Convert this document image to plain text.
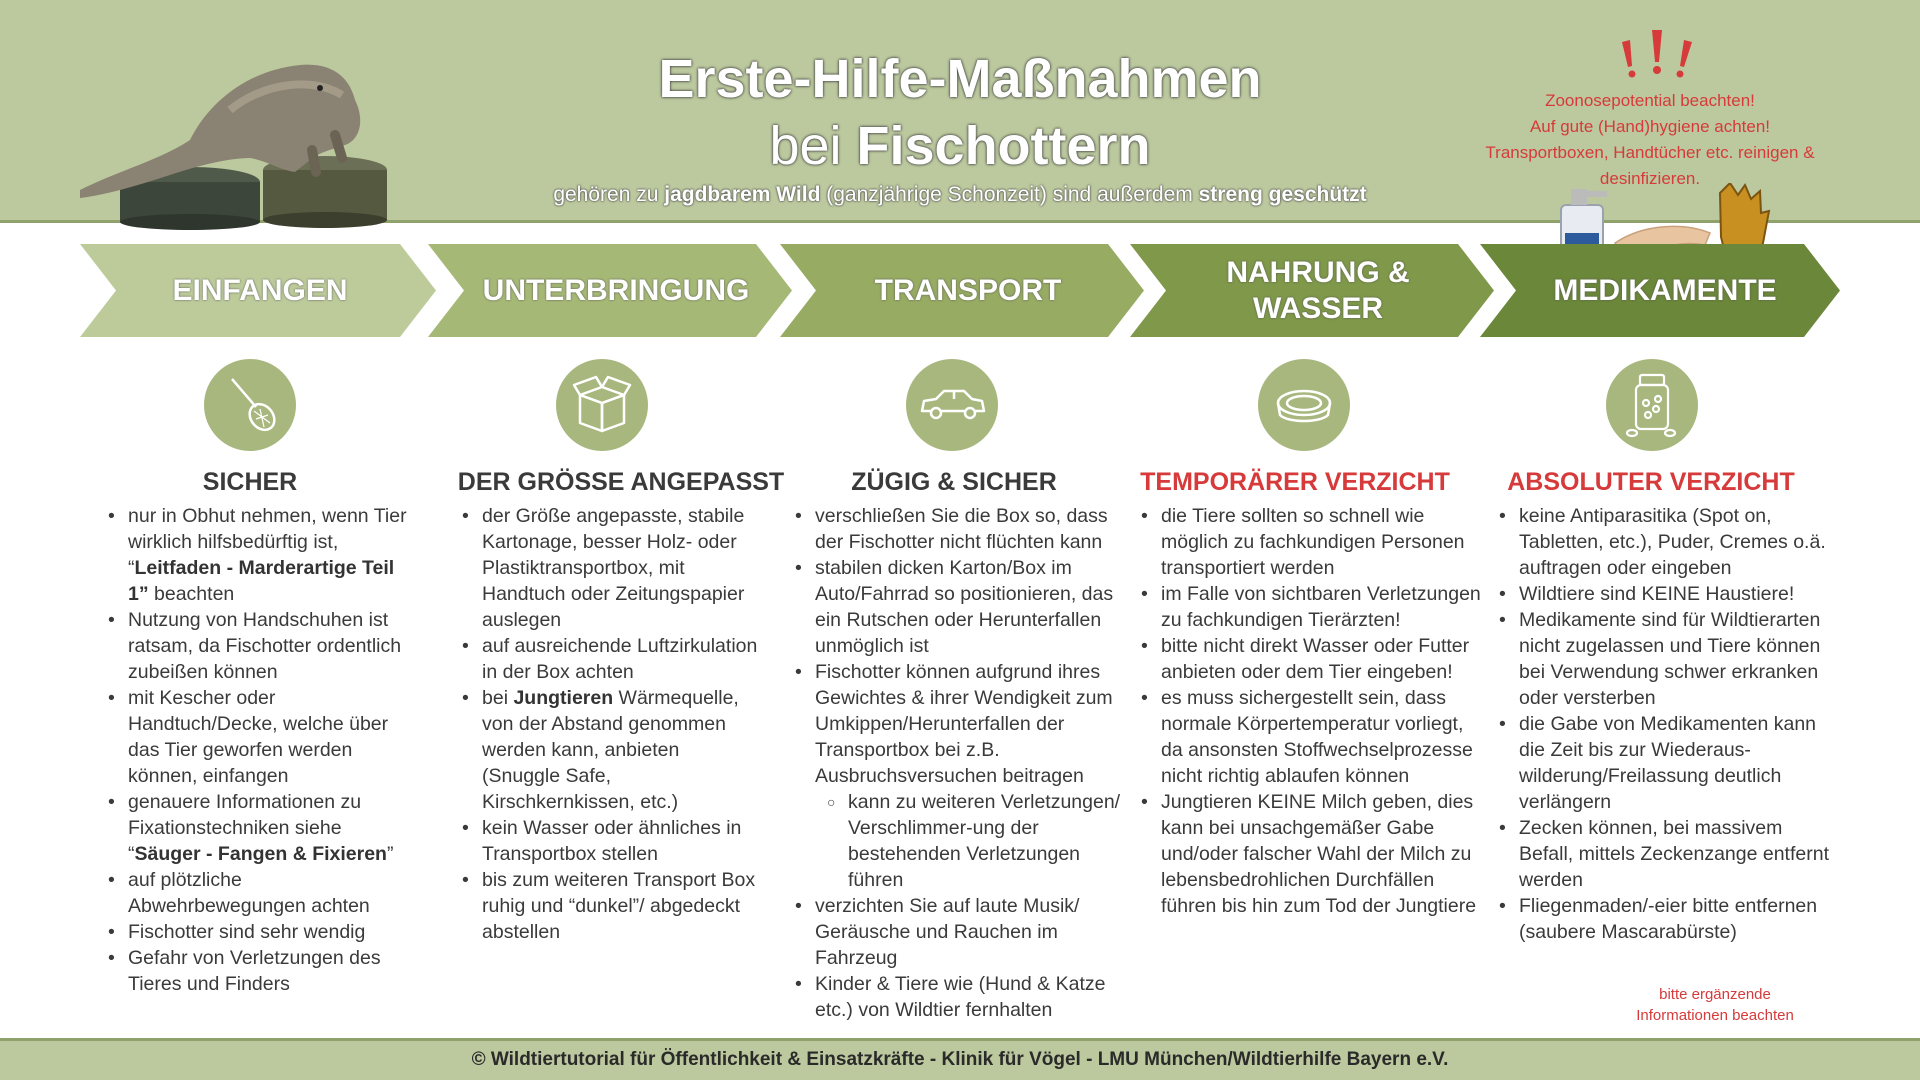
Erste-Hilfe-Maßnahmen
bei Fischottern
gehören zu jagdbarem Wild (ganzjährige Schonzeit) sind außerdem streng geschützt
Zoonosepotential beachten!
Auf gute (Hand)hygiene achten!
Transportboxen, Handtücher etc. reinigen &
desinfizieren.
EINFANGEN	UNTERBRINGUNG	TRANSPORT
NAHRUNG &
WASSER
MEDIKAMENTE
SICHER	DER GRÖSSE ANGEPASST	ZÜGIG & SICHER	TEMPORÄRER VERZICHT	ABSOLUTER VERZICHT
• nur in Obhut nehmen, wenn Tier wirklich hilfsbedürftig ist, “Leitfaden - Marderartige Teil 1” beachten
• Nutzung von Handschuhen ist ratsam, da Fischotter ordentlich zubeißen können
• mit Kescher oder Handtuch/Decke, welche über das Tier geworfen werden können, einfangen
• genauere Informationen zu Fixationstechniken siehe “Säuger - Fangen & Fixieren”
• auf plötzliche Abwehrbewegungen achten
• Fischotter sind sehr wendig
• Gefahr von Verletzungen des Tieres und Finders
• der Größe angepasste, stabile Kartonage, besser Holz- oder Plastiktransportbox, mit Handtuch oder Zeitungspapier auslegen
• auf ausreichende Luftzirkulation in der Box achten
• bei Jungtieren Wärmequelle, von der Abstand genommen werden kann, anbieten (Snuggle Safe, Kirschkernkissen, etc.)
• kein Wasser oder ähnliches in Transportbox stellen
• bis zum weiteren Transport Box ruhig und “dunkel”/ abgedeckt abstellen
• verschließen Sie die Box so, dass der Fischotter nicht flüchten kann
• stabilen dicken Karton/Box im Auto/Fahrrad so positionieren, das ein Rutschen oder Herunterfallen unmöglich ist
• Fischotter können aufgrund ihres Gewichtes & ihrer Wendigkeit zum Umkippen/Herunterfallen der Transportbox bei z.B. Ausbruchsversuchen beitragen
○ kann zu weiteren Verletzungen/ Verschlimmer-ung der bestehenden Verletzungen führen
• verzichten Sie auf laute Musik/ Geräusche und Rauchen im Fahrzeug
• Kinder & Tiere wie (Hund & Katze etc.) von Wildtier fernhalten
• die Tiere sollten so schnell wie möglich zu fachkundigen Personen transportiert werden
• im Falle von sichtbaren Verletzungen zu fachkundigen Tierärzten!
• bitte nicht direkt Wasser oder Futter anbieten oder dem Tier eingeben!
• es muss sichergestellt sein, dass normale Körpertemperatur vorliegt, da ansonsten Stoffwechselprozesse nicht richtig ablaufen können
• Jungtieren KEINE Milch geben, dies kann bei unsachgemäßer Gabe und/oder falscher Wahl der Milch zu lebensbedrohlichen Durchfällen führen bis hin zum Tod der Jungtiere
• keine Antiparasitika (Spot on, Tabletten, etc.), Puder, Cremes o.ä. auftragen oder eingeben
• Wildtiere sind KEINE Haustiere!
• Medikamente sind für Wildtierarten nicht zugelassen und Tiere können bei Verwendung schwer erkranken oder versterben
• die Gabe von Medikamenten kann die Zeit bis zur Wiederaus-wilderung/Freilassung deutlich verlängern
• Zecken können, bei massivem Befall, mittels Zeckenzange entfernt werden
• Fliegenmaden/-eier bitte entfernen (saubere Mascarabürste)
bitte ergänzende
Informationen beachten
© Wildtiertutorial für Öffentlichkeit & Einsatzkräfte - Klinik für Vögel - LMU München/Wildtierhilfe Bayern e.V.
